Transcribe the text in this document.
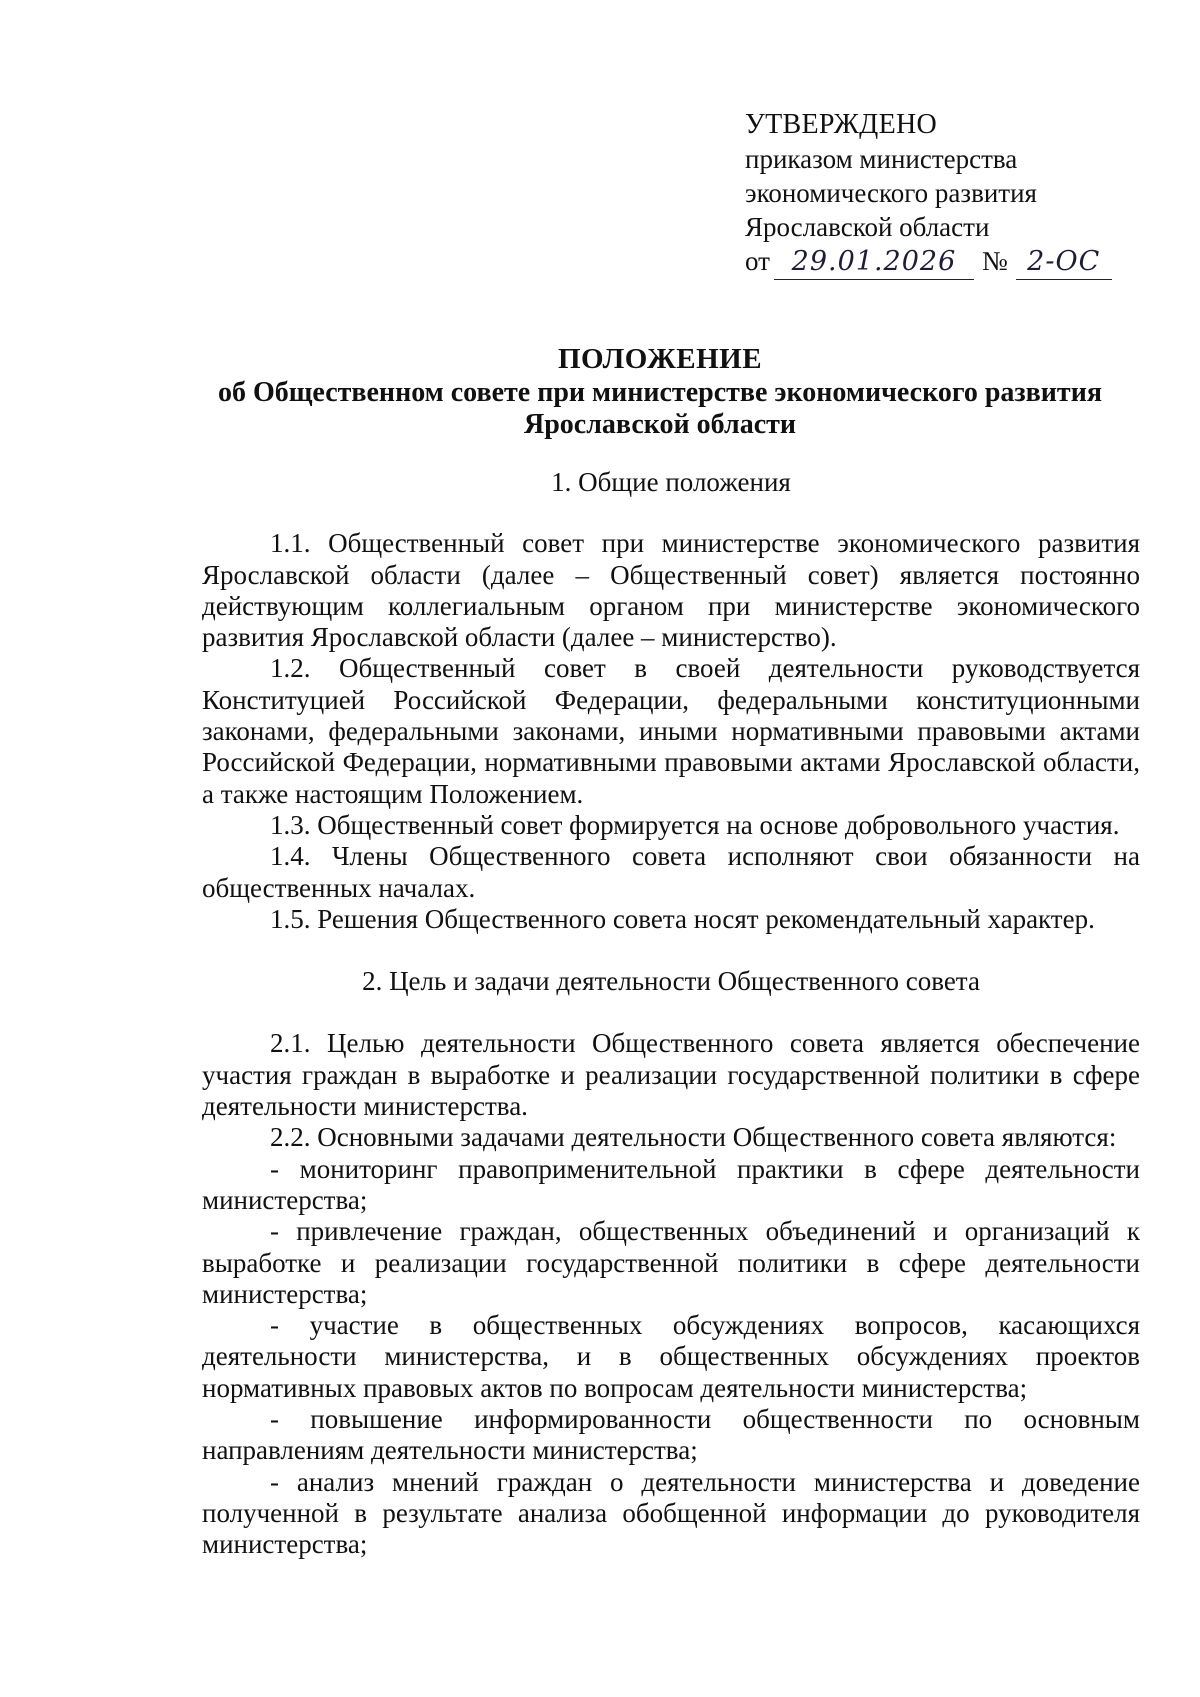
УТВЕРЖДЕНО
приказом министерства
экономического развития
Ярославской области
от 29.01.2026 № 2-ОС
ПОЛОЖЕНИЕ
об Общественном совете при министерстве экономического развития
Ярославской области

1. Общие положения

1.1. Общественный совет при министерстве экономического развития Ярославской области (далее – Общественный совет) является постоянно действующим коллегиальным органом при министерстве экономического развития Ярославской области (далее – министерство).

1.2. Общественный совет в своей деятельности руководствуется Конституцией Российской Федерации, федеральными конституционными законами, федеральными законами, иными нормативными правовыми актами Российской Федерации, нормативными правовыми актами Ярославской области, а также настоящим Положением.

1.3. Общественный совет формируется на основе добровольного участия.

1.4. Члены Общественного совета исполняют свои обязанности на общественных началах.

1.5. Решения Общественного совета носят рекомендательный характер.

2. Цель и задачи деятельности Общественного совета

2.1. Целью деятельности Общественного совета является обеспечение участия граждан в выработке и реализации государственной политики в сфере деятельности министерства.

2.2. Основными задачами деятельности Общественного совета являются:

- мониторинг правоприменительной практики в сфере деятельности министерства;

- привлечение граждан, общественных объединений и организаций к выработке и реализации государственной политики в сфере деятельности министерства;

- участие в общественных обсуждениях вопросов, касающихся деятельности министерства, и в общественных обсуждениях проектов нормативных правовых актов по вопросам деятельности министерства;

- повышение информированности общественности по основным направлениям деятельности министерства;

- анализ мнений граждан о деятельности министерства и доведение полученной в результате анализа обобщенной информации до руководителя министерства;
